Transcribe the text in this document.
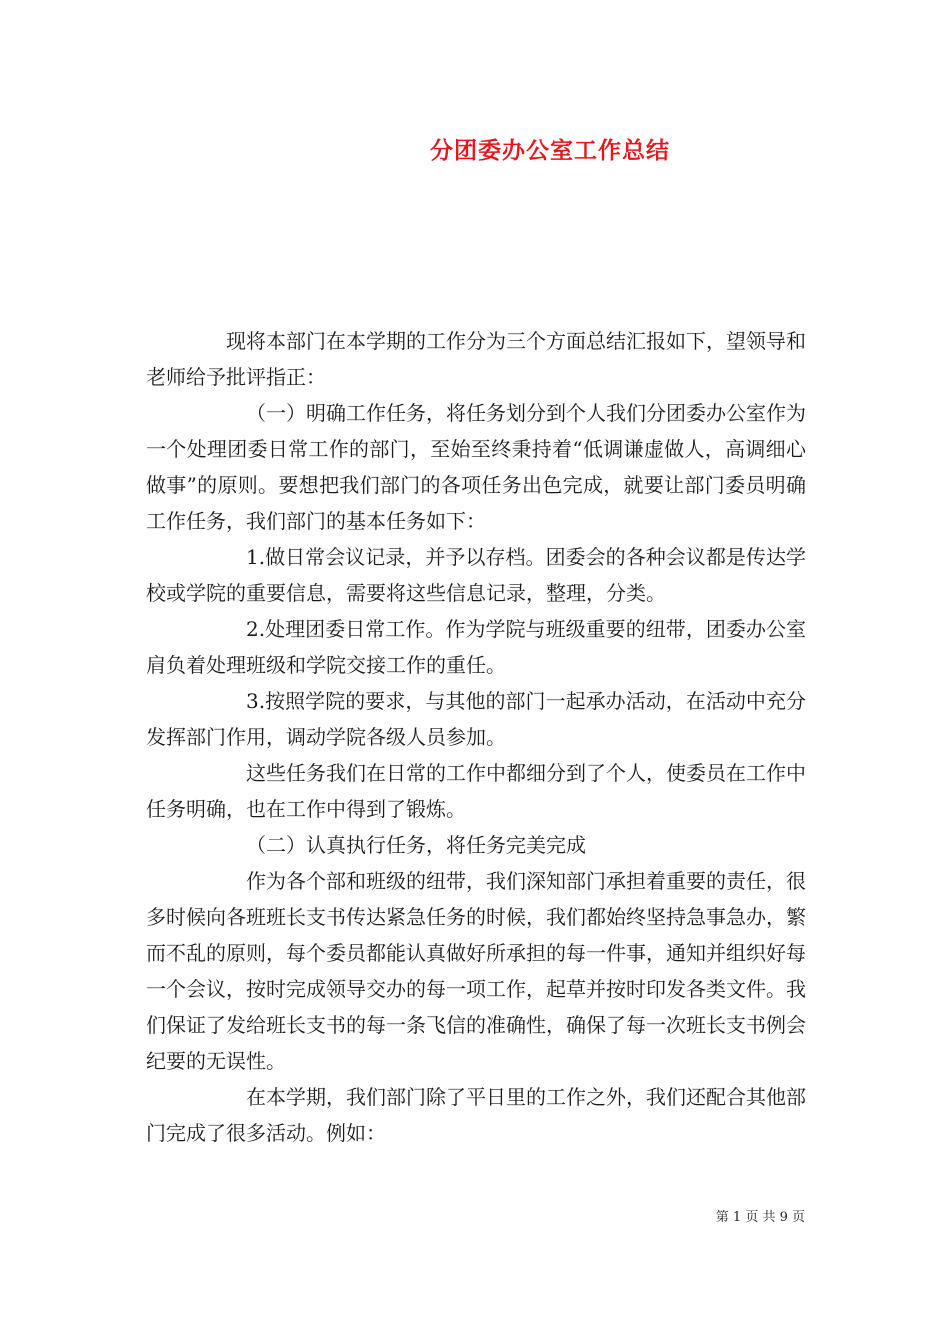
分团委办公室工作总结

现将本部门在本学期的工作分为三个方面总结汇报如下，望领导和老师给予批评指正：

（一）明确工作任务，将任务划分到个人我们分团委办公室作为一个处理团委日常工作的部门，至始至终秉持着“低调谦虚做人，高调细心做事”的原则。要想把我们部门的各项任务出色完成，就要让部门委员明确工作任务，我们部门的基本任务如下：

1.做日常会议记录，并予以存档。团委会的各种会议都是传达学校或学院的重要信息，需要将这些信息记录，整理，分类。

2.处理团委日常工作。作为学院与班级重要的纽带，团委办公室肩负着处理班级和学院交接工作的重任。

3.按照学院的要求，与其他的部门一起承办活动，在活动中充分发挥部门作用，调动学院各级人员参加。

这些任务我们在日常的工作中都细分到了个人，使委员在工作中任务明确，也在工作中得到了锻炼。

（二）认真执行任务，将任务完美完成

作为各个部和班级的纽带，我们深知部门承担着重要的责任，很多时候向各班班长支书传达紧急任务的时候，我们都始终坚持急事急办，繁而不乱的原则，每个委员都能认真做好所承担的每一件事，通知并组织好每一个会议，按时完成领导交办的每一项工作，起草并按时印发各类文件。我们保证了发给班长支书的每一条飞信的准确性，确保了每一次班长支书例会纪要的无误性。

在本学期，我们部门除了平日里的工作之外，我们还配合其他部门完成了很多活动。例如：

第 1 页 共 9 页
